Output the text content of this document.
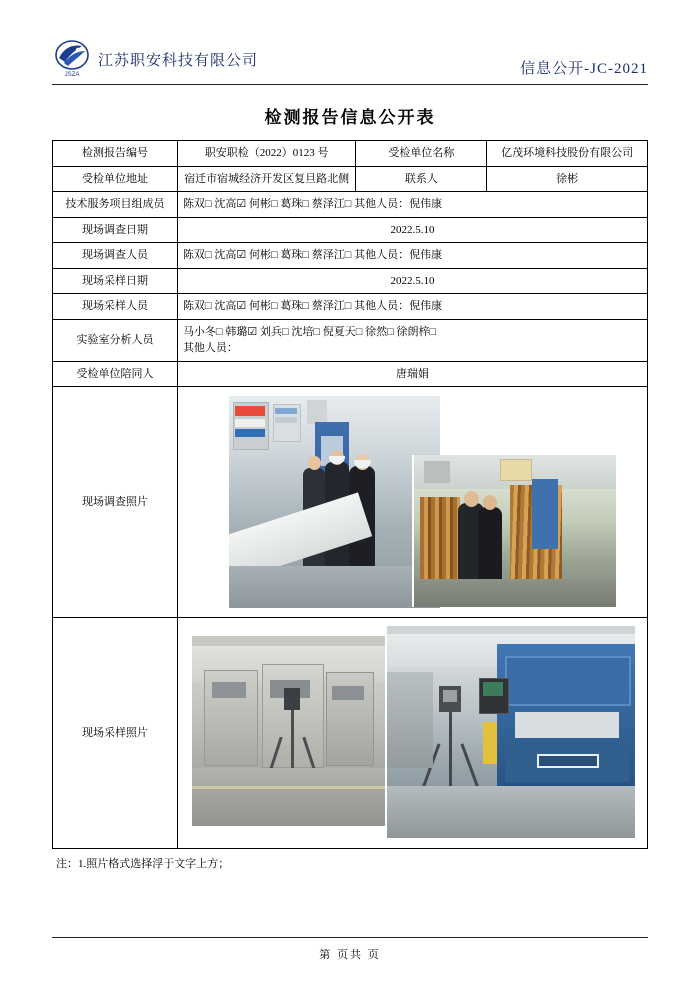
JSZA
江苏职安科技有限公司
信息公开-JC-2021
检测报告信息公开表
检测报告编号	职安职检（2022）0123 号	受检单位名称	亿茂环境科技股份有限公司
受检单位地址	宿迁市宿城经济开发区复旦路北侧	联系人	徐彬
技术服务项目组成员	陈双□ 沈高☑ 何彬□ 葛珠□ 蔡泽江□ 其他人员：倪伟康		
现场调查日期	2022.5.10		
现场调查人员	陈双□ 沈高☑ 何彬□ 葛珠□ 蔡泽江□ 其他人员：倪伟康		
现场采样日期	2022.5.10		
现场采样人员	陈双□ 沈高☑ 何彬□ 葛珠□ 蔡泽江□ 其他人员：倪伟康		
实验室分析人员	马小冬□ 韩璐☑ 刘兵□ 沈培□ 倪夏天□ 徐然□ 徐朗梓□
其他人员：		

受检单位陪同人	唐瑞娟		
现场调查照片			

现场采样照片			
注：1.照片格式选择浮于文字上方；
第 页共 页
